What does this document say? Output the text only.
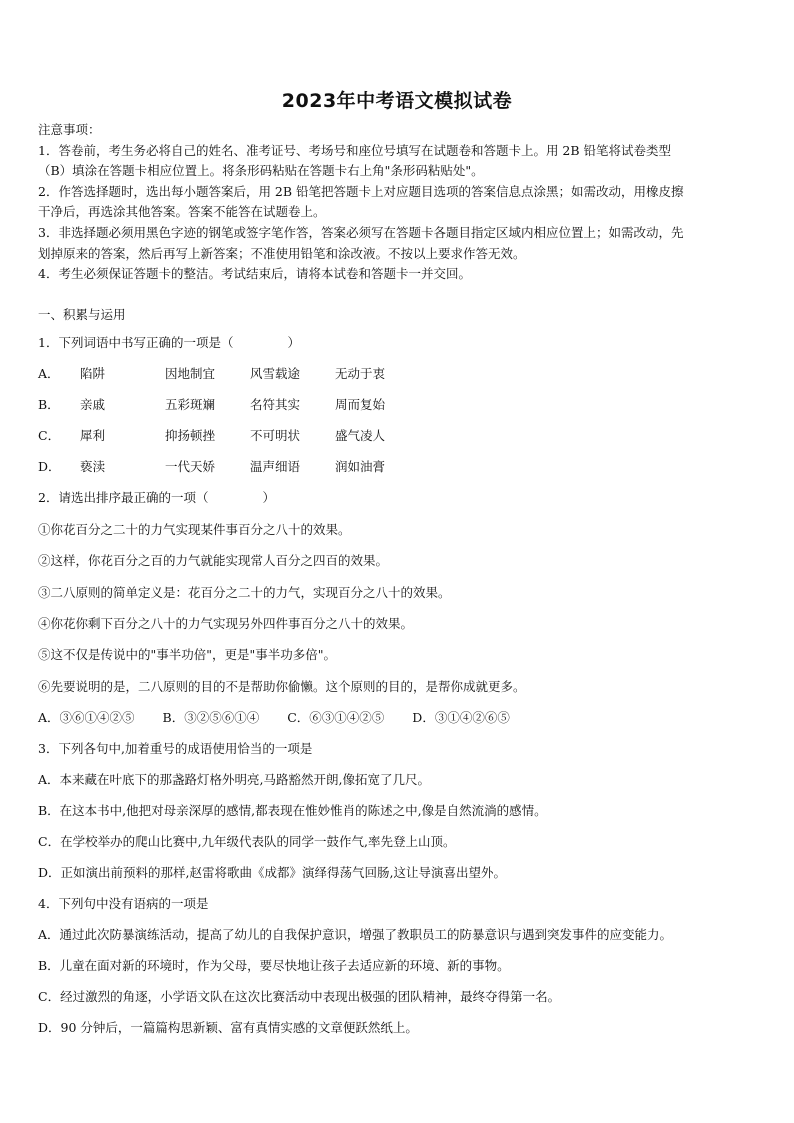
2023年中考语文模拟试卷

注意事项：

1．答卷前，考生务必将自己的姓名、准考证号、考场号和座位号填写在试题卷和答题卡上。用 2B 铅笔将试卷类型

（B）填涂在答题卡相应位置上。将条形码粘贴在答题卡右上角"条形码粘贴处"。

2．作答选择题时，选出每小题答案后，用 2B 铅笔把答题卡上对应题目选项的答案信息点涂黑；如需改动，用橡皮擦

干净后，再选涂其他答案。答案不能答在试题卷上。

3．非选择题必须用黑色字迹的钢笔或签字笔作答，答案必须写在答题卡各题目指定区域内相应位置上；如需改动，先

划掉原来的答案，然后再写上新答案；不准使用铅笔和涂改液。不按以上要求作答无效。

4．考生必须保证答题卡的整洁。考试结束后，请将本试卷和答题卡一并交回。

一、积累与运用
1．下列词语中书写正确的一项是（	）
A． 陷阱	因地制宜	风雪载途	无动于衷
B． 亲戚	五彩斑斓	名符其实	周而复始
C． 犀利	抑扬顿挫	不可明状	盛气凌人
D． 亵渎	一代天娇	温声细语	润如油膏
2．请选出排序最正确的一项（	）
①你花百分之二十的力气实现某件事百分之八十的效果。
②这样，你花百分之百的力气就能实现常人百分之四百的效果。
③二八原则的简单定义是：花百分之二十的力气，实现百分之八十的效果。
④你花你剩下百分之八十的力气实现另外四件事百分之八十的效果。
⑤这不仅是传说中的"事半功倍"，更是"事半功多倍"。
⑥先要说明的是，二八原则的目的不是帮助你偷懒。这个原则的目的，是帮你成就更多。
A．③⑥①④②⑤ B．③②⑤⑥①④ C．⑥③①④②⑤ D．③①④②⑥⑤
3．下列各句中,加着重号的成语使用恰当的一项是
A．本来藏在叶底下的那盏路灯格外明亮,马路豁然开朗,像拓宽了几尺。
B．在这本书中,他把对母亲深厚的感情,都表现在惟妙惟肖的陈述之中,像是自然流淌的感情。
C．在学校举办的爬山比赛中,九年级代表队的同学一鼓作气,率先登上山顶。
D．正如演出前预料的那样,赵雷将歌曲《成都》演绎得荡气回肠,这让导演喜出望外。
4．下列句中没有语病的一项是
A．通过此次防暴演练活动，提高了幼儿的自我保护意识，增强了教职员工的防暴意识与遇到突发事件的应变能力。
B．儿童在面对新的环境时，作为父母，要尽快地让孩子去适应新的环境、新的事物。
C．经过激烈的角逐，小学语文队在这次比赛活动中表现出极强的团队精神，最终夺得第一名。
D．90 分钟后，一篇篇构思新颖、富有真情实感的文章便跃然纸上。
